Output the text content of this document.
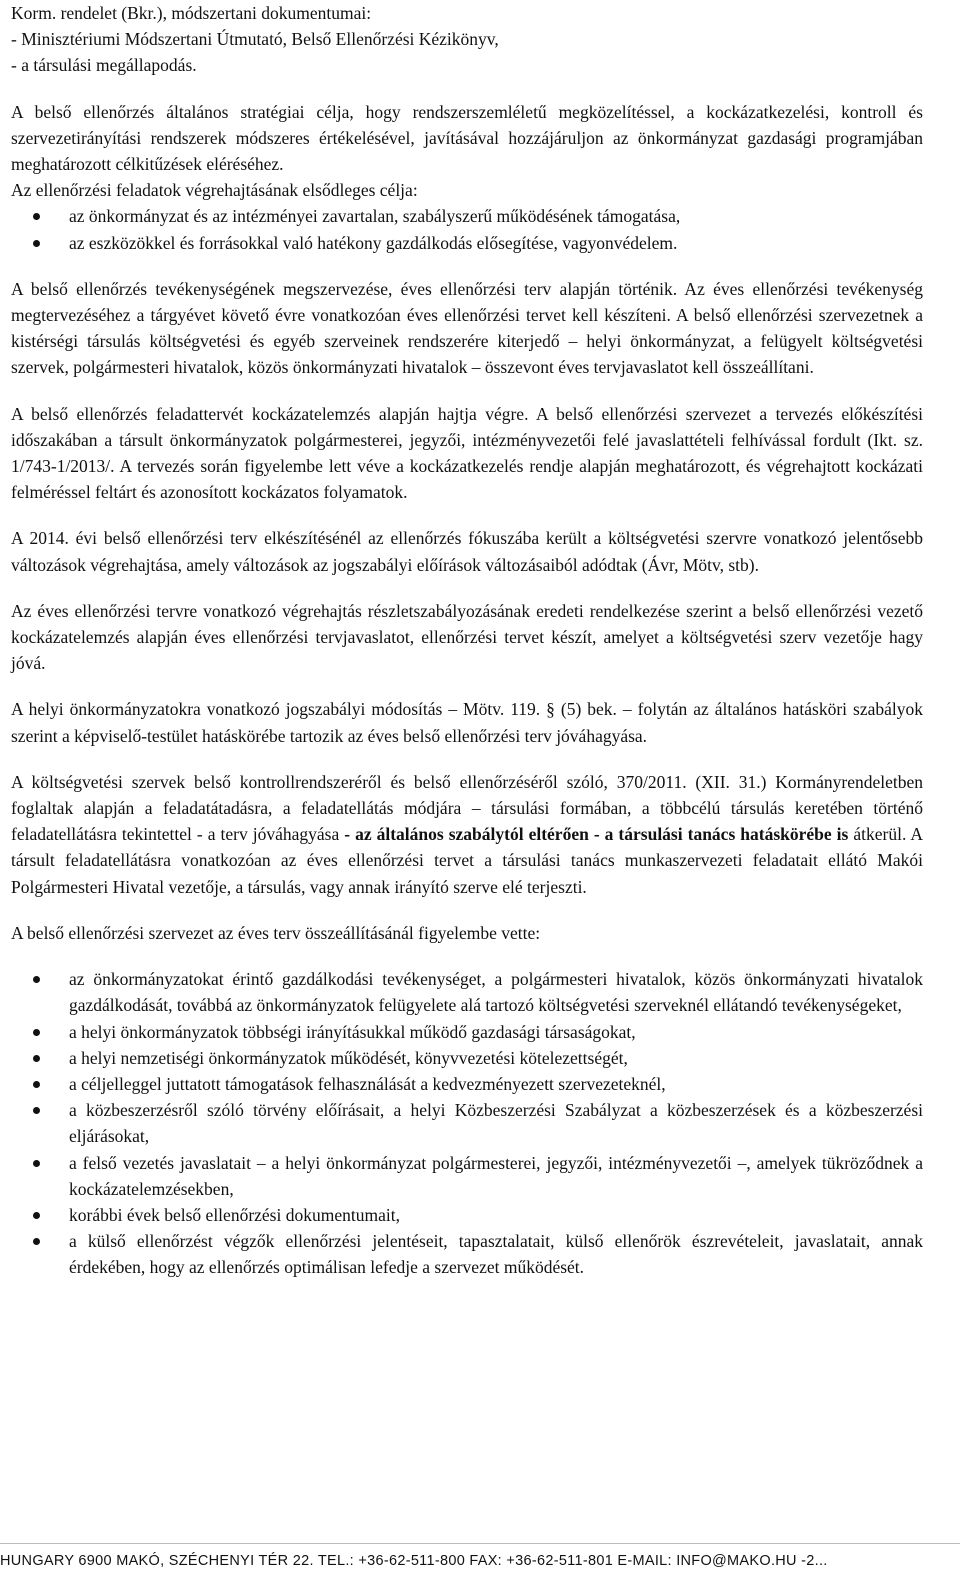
Korm. rendelet (Bkr.), módszertani dokumentumai:

- Minisztériumi Módszertani Útmutató, Belső Ellenőrzési Kézikönyv,

- a társulási megállapodás.

A belső ellenőrzés általános stratégiai célja, hogy rendszerszemléletű megközelítéssel, a kockázatkezelési, kontroll és szervezetirányítási rendszerek módszeres értékelésével, javításával hozzájáruljon az önkormányzat gazdasági programjában meghatározott célkitűzések eléréséhez.

Az ellenőrzési feladatok végrehajtásának elsődleges célja:

az önkormányzat és az intézményei zavartalan, szabályszerű működésének támogatása,
az eszközökkel és forrásokkal való hatékony gazdálkodás elősegítése, vagyonvédelem.

A belső ellenőrzés tevékenységének megszervezése, éves ellenőrzési terv alapján történik. Az éves ellenőrzési tevékenység megtervezéséhez a tárgyévet követő évre vonatkozóan éves ellenőrzési tervet kell készíteni. A belső ellenőrzési szervezetnek a kistérségi társulás költségvetési és egyéb szerveinek rendszerére kiterjedő – helyi önkormányzat, a felügyelt költségvetési szervek, polgármesteri hivatalok, közös önkormányzati hivatalok – összevont éves tervjavaslatot kell összeállítani.

A belső ellenőrzés feladattervét kockázatelemzés alapján hajtja végre. A belső ellenőrzési szervezet a tervezés előkészítési időszakában a társult önkormányzatok polgármesterei, jegyzői, intézményvezetői felé javaslattételi felhívással fordult (Ikt. sz. 1/743-1/2013/. A tervezés során figyelembe lett véve a kockázatkezelés rendje alapján meghatározott, és végrehajtott kockázati felméréssel feltárt és azonosított kockázatos folyamatok.

A 2014. évi belső ellenőrzési terv elkészítésénél az ellenőrzés fókuszába került a költségvetési szervre vonatkozó jelentősebb változások végrehajtása, amely változások az jogszabályi előírások változásaiból adódtak (Ávr, Mötv, stb).

Az éves ellenőrzési tervre vonatkozó végrehajtás részletszabályozásának eredeti rendelkezése szerint a belső ellenőrzési vezető kockázatelemzés alapján éves ellenőrzési tervjavaslatot, ellenőrzési tervet készít, amelyet a költségvetési szerv vezetője hagy jóvá.

A helyi önkormányzatokra vonatkozó jogszabályi módosítás – Mötv. 119. § (5) bek. – folytán az általános hatásköri szabályok szerint a képviselő-testület hatáskörébe tartozik az éves belső ellenőrzési terv jóváhagyása.

A költségvetési szervek belső kontrollrendszeréről és belső ellenőrzéséről szóló, 370/2011. (XII. 31.) Kormányrendeletben foglaltak alapján a feladatátadásra, a feladatellátás módjára – társulási formában, a többcélú társulás keretében történő feladatellátásra tekintettel - a terv jóváhagyása - az általános szabálytól eltérően - a társulási tanács hatáskörébe is átkerül. A társult feladatellátásra vonatkozóan az éves ellenőrzési tervet a társulási tanács munkaszervezeti feladatait ellátó Makói Polgármesteri Hivatal vezetője, a társulás, vagy annak irányító szerve elé terjeszti.

A belső ellenőrzési szervezet az éves terv összeállításánál figyelembe vette:

az önkormányzatokat érintő gazdálkodási tevékenységet, a polgármesteri hivatalok, közös önkormányzati hivatalok gazdálkodását, továbbá az önkormányzatok felügyelete alá tartozó költségvetési szerveknél ellátandó tevékenységeket,
a helyi önkormányzatok többségi irányításukkal működő gazdasági társaságokat,
a helyi nemzetiségi önkormányzatok működését, könyvvezetési kötelezettségét,
a céljelleggel juttatott támogatások felhasználását a kedvezményezett szervezeteknél,
a közbeszerzésről szóló törvény előírásait, a helyi Közbeszerzési Szabályzat a közbeszerzések és a közbeszerzési eljárásokat,
a felső vezetés javaslatait – a helyi önkormányzat polgármesterei, jegyzői, intézményvezetői –, amelyek tükröződnek a kockázatelemzésekben,
korábbi évek belső ellenőrzési dokumentumait,
a külső ellenőrzést végzők ellenőrzési jelentéseit, tapasztalatait, külső ellenőrök észrevételeit, javaslatait, annak érdekében, hogy az ellenőrzés optimálisan lefedje a szervezet működését.
HUNGARY 6900 MAKÓ, SZÉCHENYI TÉR 22. TEL.: +36-62-511-800 FAX: +36-62-511-801 E-MAIL: INFO@MAKO.HU -2...
